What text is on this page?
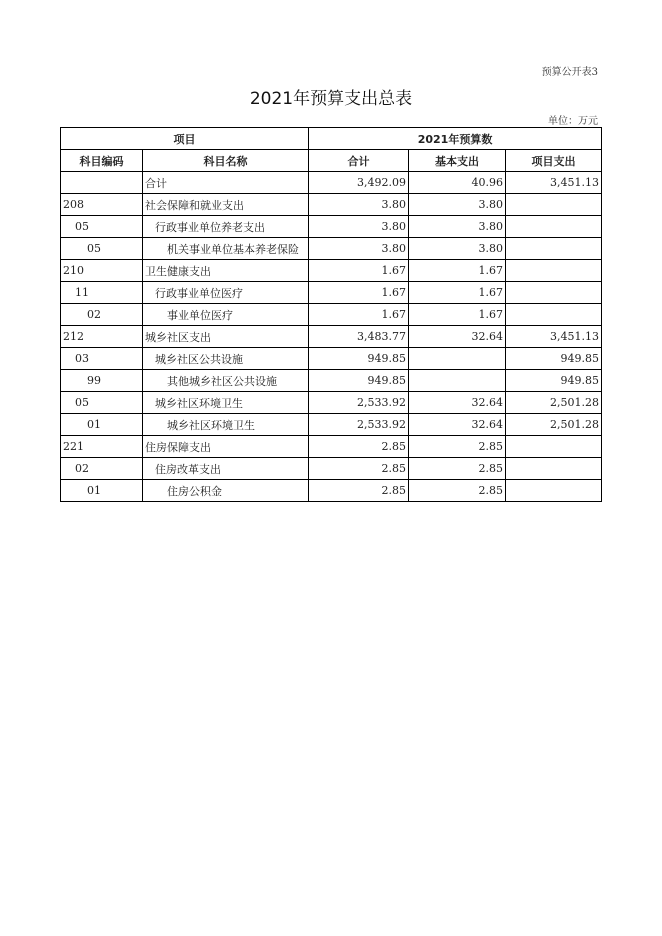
预算公开表3
2021年预算支出总表
单位：万元
项目		2021年预算数		
科目编码	科目名称	合计	基本支出	项目支出
	合计	3,492.09	40.96	3,451.13
208	社会保障和就业支出	3.80	3.80	
05	行政事业单位养老支出	3.80	3.80	
05	机关事业单位基本养老保险	3.80	3.80	
210	卫生健康支出	1.67	1.67	
11	行政事业单位医疗	1.67	1.67	
02	事业单位医疗	1.67	1.67	
212	城乡社区支出	3,483.77	32.64	3,451.13
03	城乡社区公共设施	949.85		949.85
99	其他城乡社区公共设施	949.85		949.85
05	城乡社区环境卫生	2,533.92	32.64	2,501.28
01	城乡社区环境卫生	2,533.92	32.64	2,501.28
221	住房保障支出	2.85	2.85	
02	住房改革支出	2.85	2.85	
01	住房公积金	2.85	2.85	
